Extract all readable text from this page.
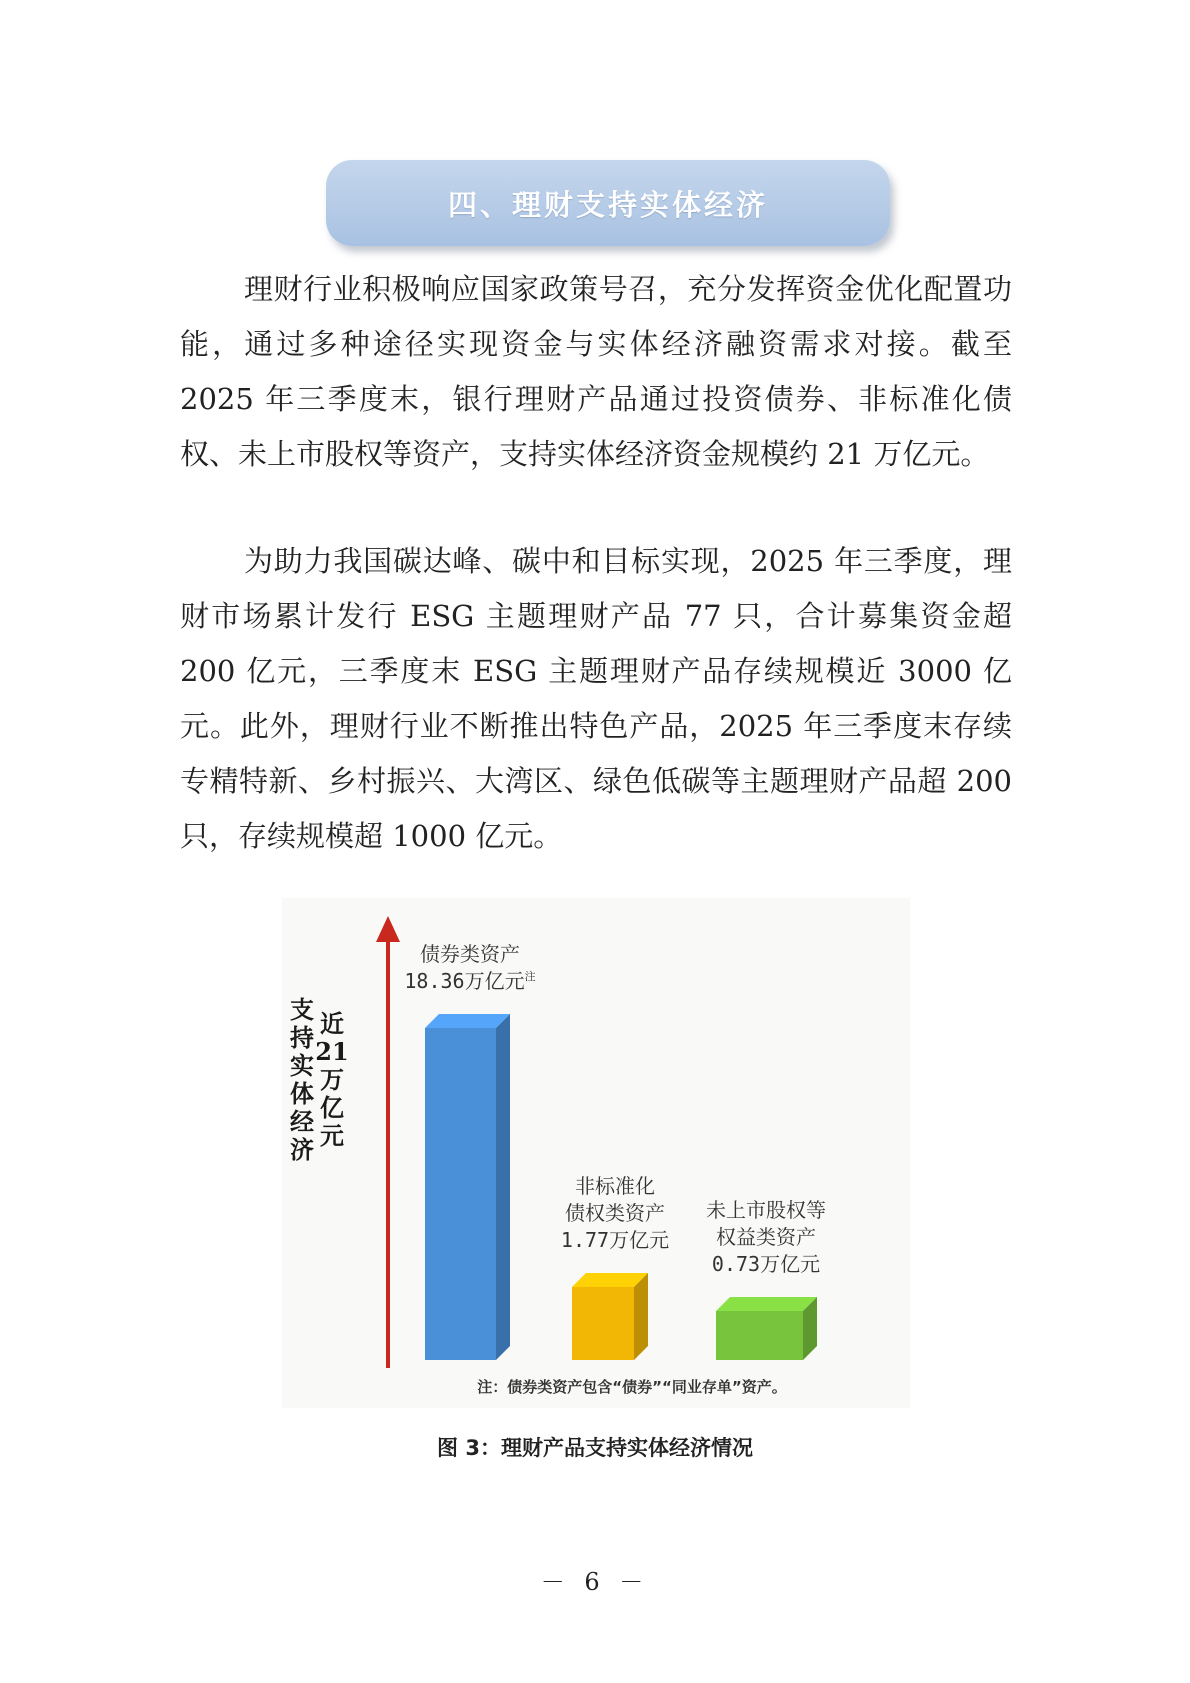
四、理财支持实体经济

理财行业积极响应国家政策号召，充分发挥资金优化配置功能，通过多种途径实现资金与实体经济融资需求对接。截至 2025 年三季度末，银行理财产品通过投资债券、非标准化债权、未上市股权等资产，支持实体经济资金规模约 21 万亿元。

为助力我国碳达峰、碳中和目标实现，2025 年三季度，理财市场累计发行 ESG 主题理财产品 77 只，合计募集资金超 200 亿元，三季度末 ESG 主题理财产品存续规模近 3000 亿元。此外，理财行业不断推出特色产品，2025 年三季度末存续专精特新、乡村振兴、大湾区、绿色低碳等主题理财产品超 200 只，存续规模超 1000 亿元。

支
持
实
体
经
济
近
21
万
亿
元
债券类资产
18.36万亿元$^注$
非标准化
债权类资产
1.77万亿元
未上市股权等
权益类资产
0.73万亿元
注：债券类资产包含“债券”“同业存单”资产。
图 3：理财产品支持实体经济情况
－ 6 －
